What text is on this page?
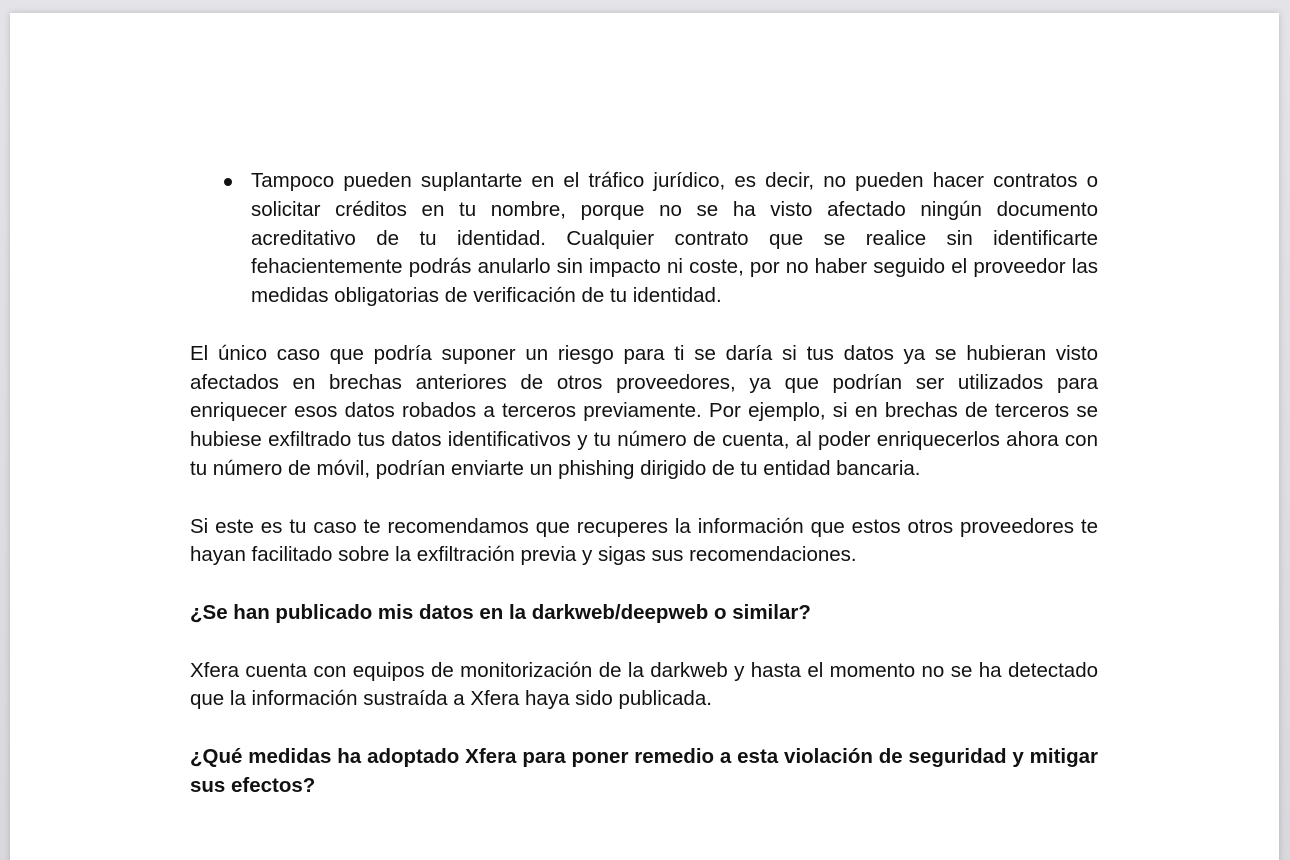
Tampoco pueden suplantarte en el tráfico jurídico, es decir, no pueden hacer contratos o solicitar créditos en tu nombre, porque no se ha visto afectado ningún documento acreditativo de tu identidad. Cualquier contrato que se realice sin identificarte fehacientemente podrás anularlo sin impacto ni coste, por no haber seguido el proveedor las medidas obligatorias de verificación de tu identidad.

El único caso que podría suponer un riesgo para ti se daría si tus datos ya se hubieran visto afectados en brechas anteriores de otros proveedores, ya que podrían ser utilizados para enriquecer esos datos robados a terceros previamente. Por ejemplo, si en brechas de terceros se hubiese exfiltrado tus datos identificativos y tu número de cuenta, al poder enriquecerlos ahora con tu número de móvil, podrían enviarte un phishing dirigido de tu entidad bancaria.

Si este es tu caso te recomendamos que recuperes la información que estos otros proveedores te hayan facilitado sobre la exfiltración previa y sigas sus recomendaciones.

¿Se han publicado mis datos en la darkweb/deepweb o similar?

Xfera cuenta con equipos de monitorización de la darkweb y hasta el momento no se ha detectado que la información sustraída a Xfera haya sido publicada.

¿Qué medidas ha adoptado Xfera para poner remedio a esta violación de seguridad y mitigar sus efectos?
